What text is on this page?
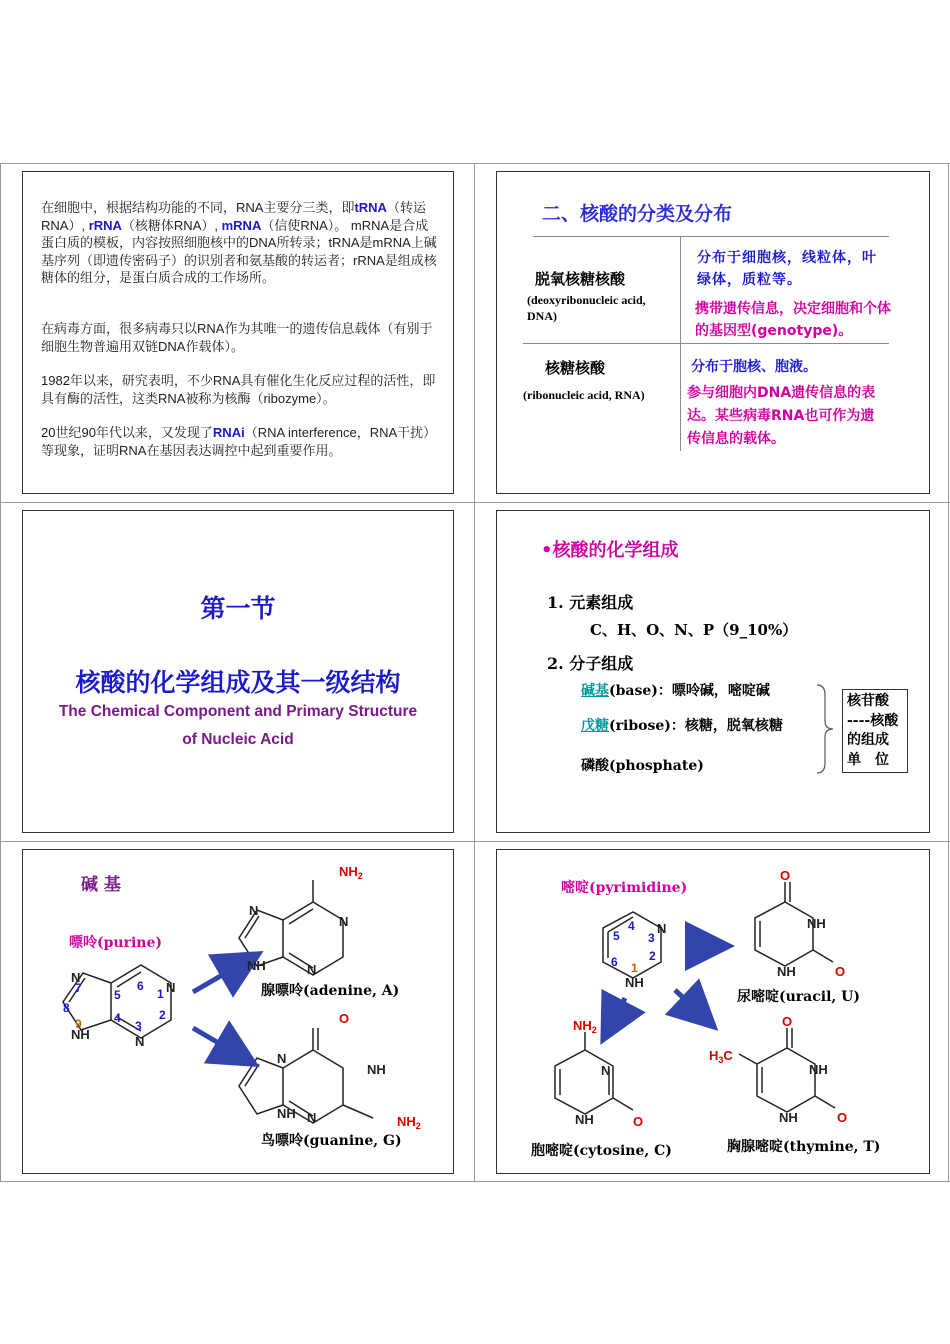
在细胞中，根据结构功能的不同，RNA主要分三类，即tRNA（转运RNA）, rRNA（核糖体RNA）, mRNA（信使RNA）。 mRNA是合成蛋白质的模板，内容按照细胞核中的DNA所转录；tRNA是mRNA上碱基序列（即遗传密码子）的识别者和氨基酸的转运者；rRNA是组成核糖体的组分，是蛋白质合成的工作场所。
在病毒方面，很多病毒只以RNA作为其唯一的遗传信息载体（有别于细胞生物普遍用双链DNA作载体）。
1982年以来，研究表明，不少RNA具有催化生化反应过程的活性，即具有酶的活性，这类RNA被称为核酶（ribozyme）。
20世纪90年代以来，又发现了RNAi（RNA interference，RNA干扰）等现象，证明RNA在基因表达调控中起到重要作用。
二、核酸的分类及分布
脱氧核糖核酸
(deoxyribonucleic acid, DNA)
分布于细胞核，线粒体，叶绿体，质粒等。
携带遗传信息，决定细胞和个体的基因型(genotype)。
核糖核酸
(ribonucleic acid, RNA)
分布于胞核、胞液。
参与细胞内DNA遗传信息的表达。某些病毒RNA也可作为遗传信息的载体。
第一节
核酸的化学组成及其一级结构
The Chemical Component and Primary Structure
of Nucleic Acid
•核酸的化学组成
1. 元素组成
C、H、O、N、P（9_10%）
2. 分子组成
碱基(base)：嘌呤碱，嘧啶碱
戊糖(ribose)：核糖，脱氧核糖
磷酸(phosphate)
核苷酸
----核酸
的组成
单　位
碱 基
嘌呤(purine)
N
N
N
NH
1
2
3
4
5
6
7
8
9
N
N
N
NH
$NH_2$
NH
N
N
NH
O
$NH_2$
腺嘌呤(adenine, A)
鸟嘌呤(guanine, G)
嘧啶(pyrimidine)
N
NH
1
2
3
4
5
6
NH
NH
O
O
N
NH
$NH_2$
O
NH
NH
O
O
$H_3C$
尿嘧啶(uracil, U)
胞嘧啶(cytosine, C)	胸腺嘧啶(thymine, T)
